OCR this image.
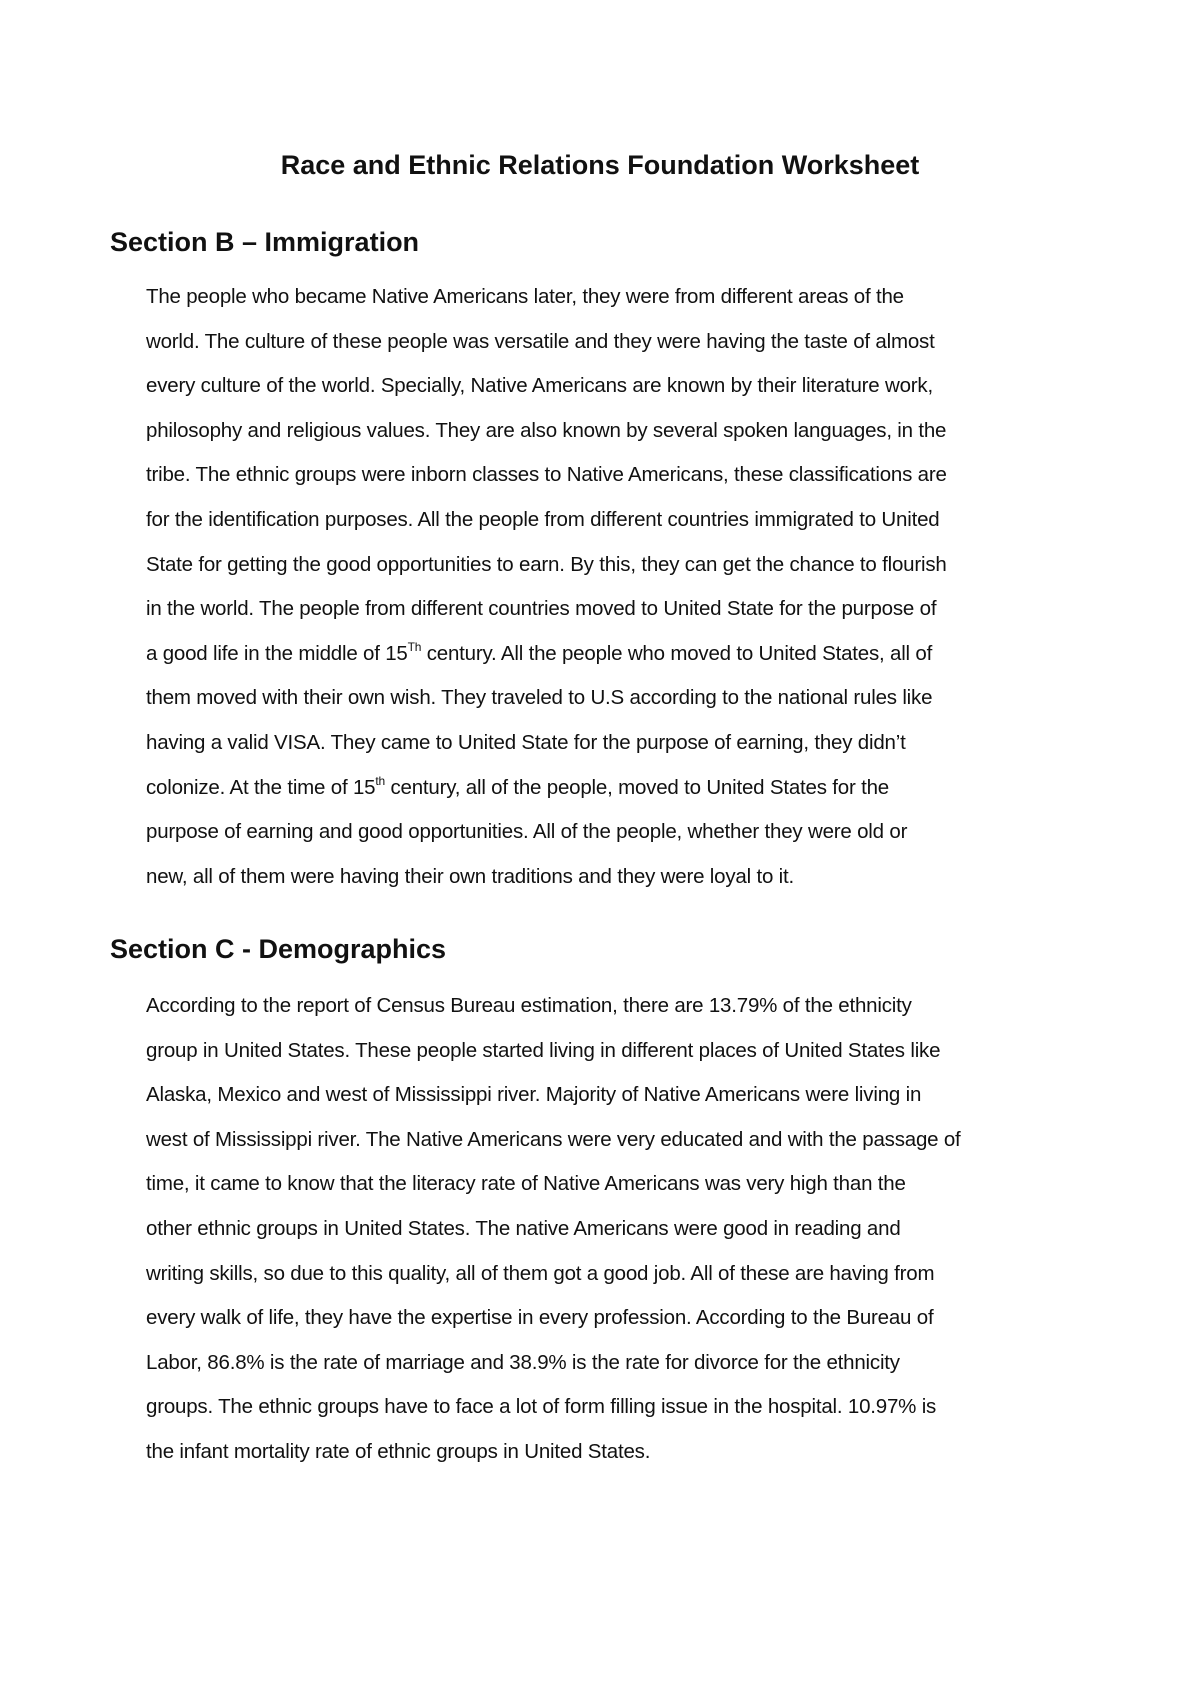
Race and Ethnic Relations Foundation Worksheet
Section B – Immigration

The people who became Native Americans later, they were from different areas of the
world. The culture of these people was versatile and they were having the taste of almost
every culture of the world. Specially, Native Americans are known by their literature work,
philosophy and religious values. They are also known by several spoken languages, in the
tribe. The ethnic groups were inborn classes to Native Americans, these classifications are
for the identification purposes. All the people from different countries immigrated to United
State for getting the good opportunities to earn. By this, they can get the chance to flourish
in the world. The people from different countries moved to United State for the purpose of
a good life in the middle of 15Th century. All the people who moved to United States, all of
them moved with their own wish. They traveled to U.S according to the national rules like
having a valid VISA. They came to United State for the purpose of earning, they didn’t
colonize. At the time of 15th century, all of the people, moved to United States for the
purpose of earning and good opportunities. All of the people, whether they were old or
new, all of them were having their own traditions and they were loyal to it.

Section C - Demographics

According to the report of Census Bureau estimation, there are 13.79% of the ethnicity
group in United States. These people started living in different places of United States like
Alaska, Mexico and west of Mississippi river. Majority of Native Americans were living in
west of Mississippi river. The Native Americans were very educated and with the passage of
time, it came to know that the literacy rate of Native Americans was very high than the
other ethnic groups in United States. The native Americans were good in reading and
writing skills, so due to this quality, all of them got a good job. All of these are having from
every walk of life, they have the expertise in every profession. According to the Bureau of
Labor, 86.8% is the rate of marriage and 38.9% is the rate for divorce for the ethnicity
groups. The ethnic groups have to face a lot of form filling issue in the hospital. 10.97% is
the infant mortality rate of ethnic groups in United States.
